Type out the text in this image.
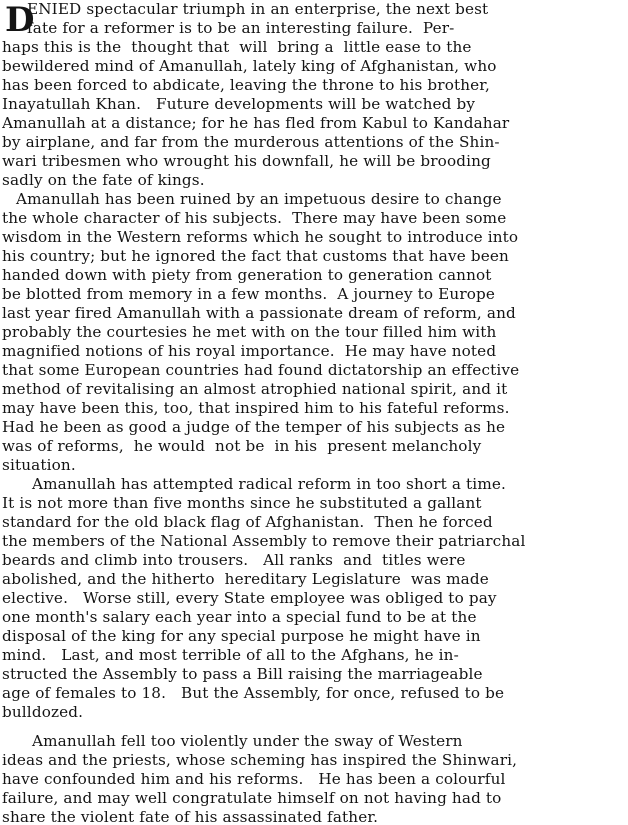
D
ENIED spectacular triumph in an enterprise, the next best
fate for a reformer is to be an interesting failure.  Per-
haps this is the  thought that  will  bring a  little ease to the
bewildered mind of Amanullah, lately king of Afghanistan, who
has been forced to abdicate, leaving the throne to his brother,
Inayatullah Khan.   Future developments will be watched by
Amanullah at a distance; for he has fled from Kabul to Kandahar
by airplane, and far from the murderous attentions of the Shin-
wari tribesmen who wrought his downfall, he will be brooding
sadly on the fate of kings.
Amanullah has been ruined by an impetuous desire to change
the whole character of his subjects.  There may have been some
wisdom in the Western reforms which he sought to introduce into
his country; but he ignored the fact that customs that have been
handed down with piety from generation to generation cannot
be blotted from memory in a few months.  A journey to Europe
last year fired Amanullah with a passionate dream of reform, and
probably the courtesies he met with on the tour filled him with
magnified notions of his royal importance.  He may have noted
that some European countries had found dictatorship an effective
method of revitalising an almost atrophied national spirit, and it
may have been this, too, that inspired him to his fateful reforms.
Had he been as good a judge of the temper of his subjects as he
was of reforms,  he would  not be  in his  present melancholy
situation.
Amanullah has attempted radical reform in too short a time.
It is not more than five months since he substituted a gallant
standard for the old black flag of Afghanistan.  Then he forced
the members of the National Assembly to remove their patriarchal
beards and climb into trousers.   All ranks  and  titles were
abolished, and the hitherto  hereditary Legislature  was made
elective.   Worse still, every State employee was obliged to pay
one month's salary each year into a special fund to be at the
disposal of the king for any special purpose he might have in
mind.   Last, and most terrible of all to the Afghans, he in-
structed the Assembly to pass a Bill raising the marriageable
age of females to 18.   But the Assembly, for once, refused to be
bulldozed.
Amanullah fell too violently under the sway of Western
ideas and the priests, whose scheming has inspired the Shinwari,
have confounded him and his reforms.   He has been a colourful
failure, and may well congratulate himself on not having had to
share the violent fate of his assassinated father.
